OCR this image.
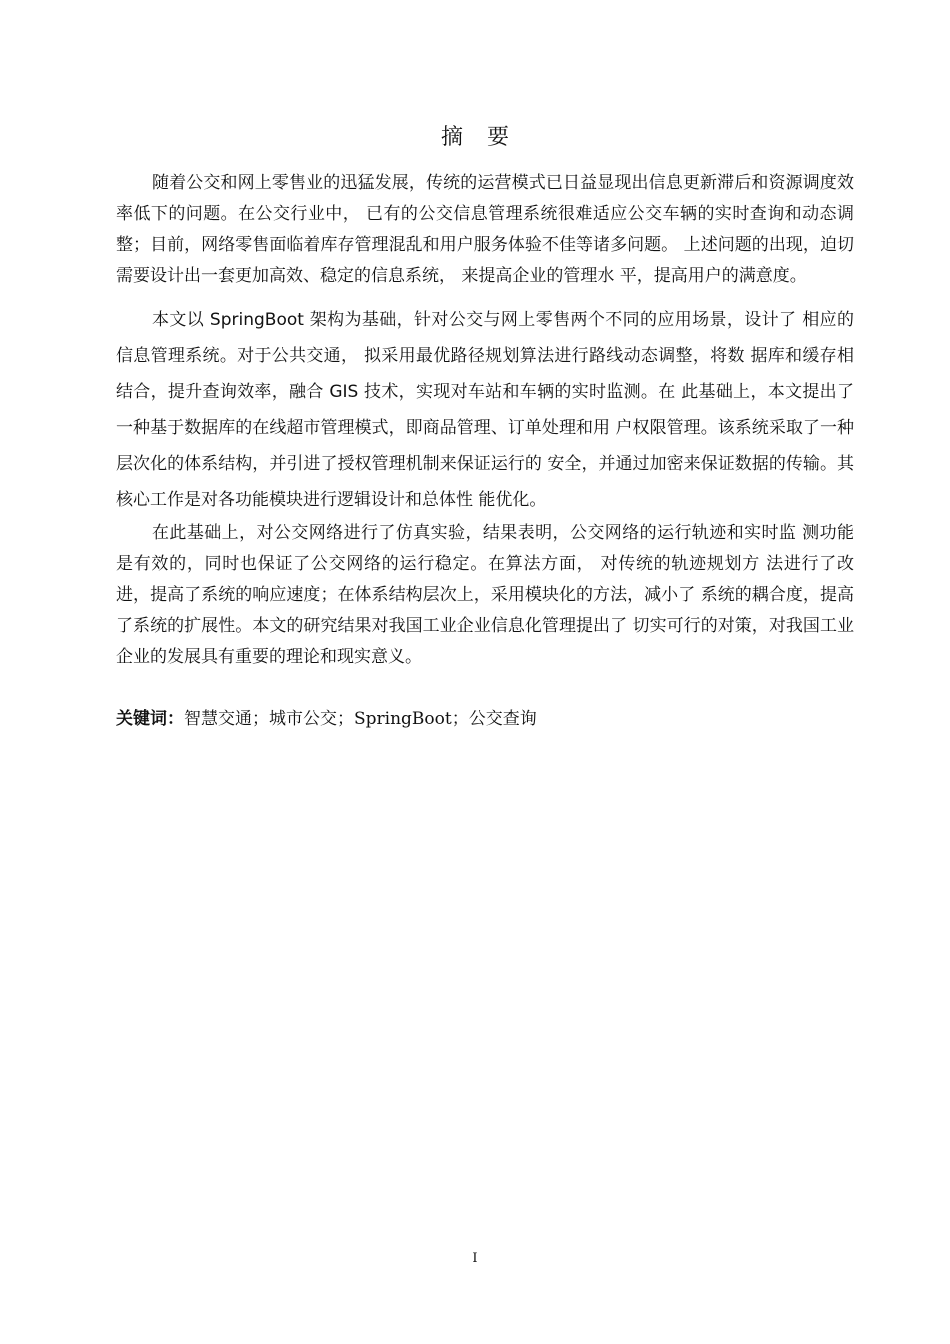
摘要

随着公交和网上零售业的迅猛发展，传统的运营模式已日益显现出信息更新滞后和资源调度效率低下的问题。在公交行业中， 已有的公交信息管理系统很难适应公交车辆的实时查询和动态调整；目前，网络零售面临着库存管理混乱和用户服务体验不佳等诸多问题。 上述问题的出现，迫切需要设计出一套更加高效、稳定的信息系统， 来提高企业的管理水 平，提高用户的满意度。

本文以 SpringBoot 架构为基础，针对公交与网上零售两个不同的应用场景，设计了 相应的信息管理系统。对于公共交通， 拟采用最优路径规划算法进行路线动态调整，将数 据库和缓存相结合，提升查询效率，融合 GIS 技术，实现对车站和车辆的实时监测。在 此基础上，本文提出了一种基于数据库的在线超市管理模式，即商品管理、订单处理和用 户权限管理。该系统采取了一种层次化的体系结构，并引进了授权管理机制来保证运行的 安全，并通过加密来保证数据的传输。其核心工作是对各功能模块进行逻辑设计和总体性 能优化。

在此基础上，对公交网络进行了仿真实验，结果表明，公交网络的运行轨迹和实时监 测功能是有效的，同时也保证了公交网络的运行稳定。在算法方面， 对传统的轨迹规划方 法进行了改进，提高了系统的响应速度；在体系结构层次上，采用模块化的方法，减小了 系统的耦合度，提高了系统的扩展性。本文的研究结果对我国工业企业信息化管理提出了 切实可行的对策，对我国工业企业的发展具有重要的理论和现实意义。

关键词：智慧交通；城市公交；SpringBoot；公交查询
I
